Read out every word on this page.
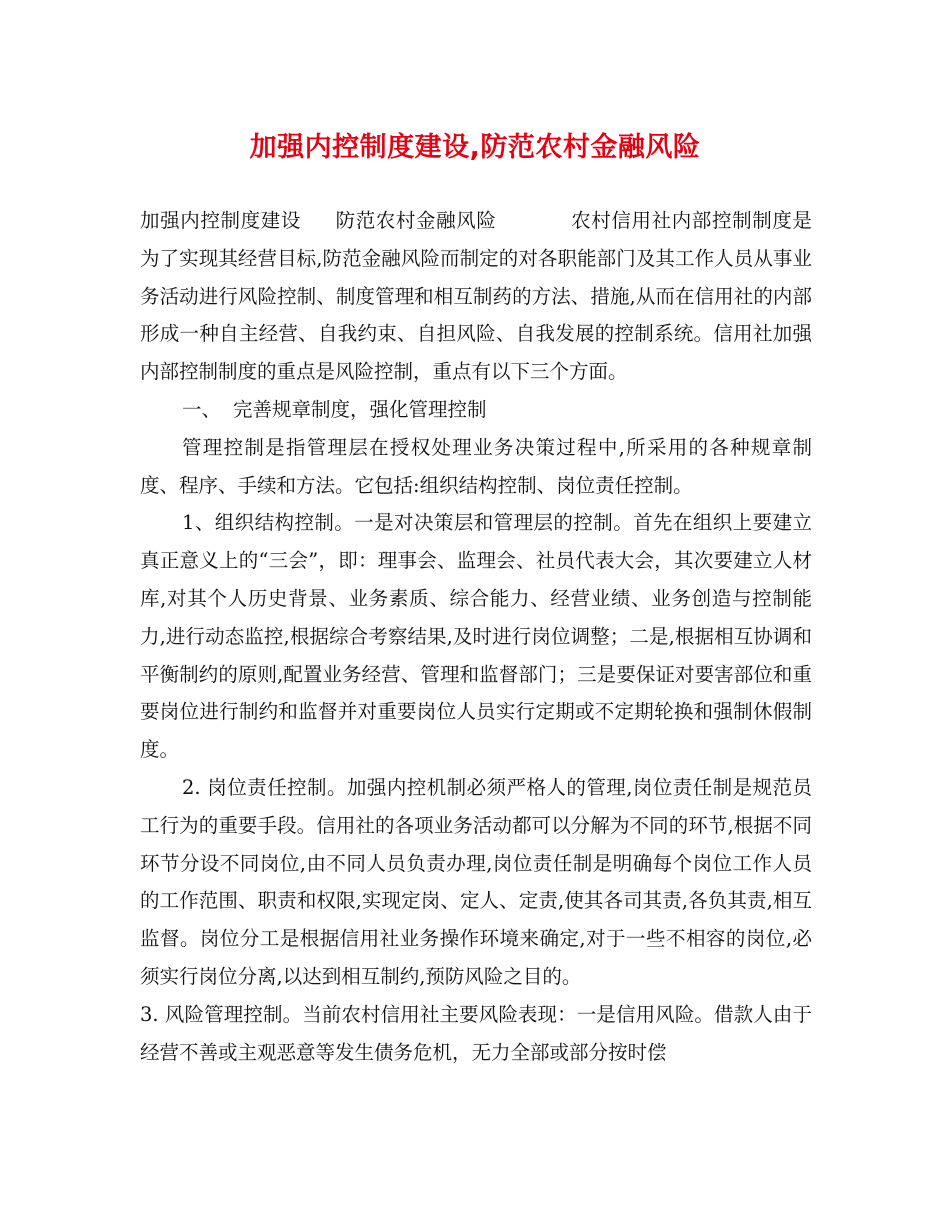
加强内控制度建设,防范农村金融风险

加强内控制度建设 防范农村金融风险	农村信用社内部控制制度是为了实现其经营目标,防范金融风险而制定的对各职能部门及其工作人员从事业务活动进行风险控制、制度管理和相互制药的方法、措施,从而在信用社的内部形成一种自主经营、自我约束、自担风险、自我发展的控制系统。信用社加强内部控制制度的重点是风险控制，重点有以下三个方面。

一、 完善规章制度，强化管理控制

管理控制是指管理层在授权处理业务决策过程中,所采用的各种规章制度、程序、手续和方法。它包括:组织结构控制、岗位责任控制。

1、组织结构控制。一是对决策层和管理层的控制。首先在组织上要建立真正意义上的“三会”，即：理事会、监理会、社员代表大会，其次要建立人材库,对其个人历史背景、业务素质、综合能力、经营业绩、业务创造与控制能力,进行动态监控,根据综合考察结果,及时进行岗位调整；二是,根据相互协调和平衡制约的原则,配置业务经营、管理和监督部门；三是要保证对要害部位和重要岗位进行制约和监督并对重要岗位人员实行定期或不定期轮换和强制休假制度。

2. 岗位责任控制。加强内控机制必须严格人的管理,岗位责任制是规范员工行为的重要手段。信用社的各项业务活动都可以分解为不同的环节,根据不同环节分设不同岗位,由不同人员负责办理,岗位责任制是明确每个岗位工作人员的工作范围、职责和权限,实现定岗、定人、定责,使其各司其责,各负其责,相互监督。岗位分工是根据信用社业务操作环境来确定,对于一些不相容的岗位,必须实行岗位分离,以达到相互制约,预防风险之目的。

3. 风险管理控制。当前农村信用社主要风险表现：一是信用风险。借款人由于经营不善或主观恶意等发生债务危机，无力全部或部分按时偿
